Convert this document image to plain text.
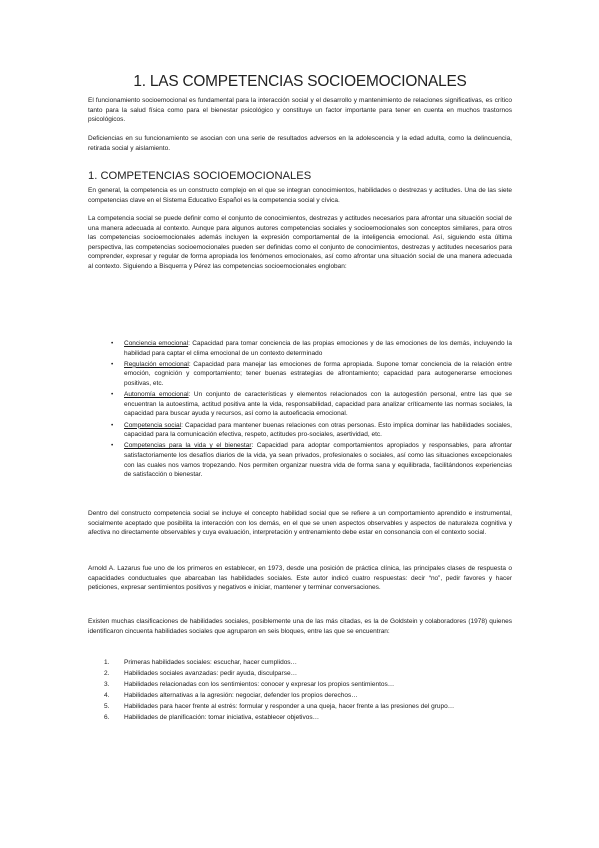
1. LAS COMPETENCIAS SOCIOEMOCIONALES

El funcionamiento socioemocional es fundamental para la interacción social y el desarrollo y mantenimiento de relaciones significativas, es crítico tanto para la salud física como para el bienestar psicológico y constituye un factor importante para tener en cuenta en muchos trastornos psicológicos.

Deficiencias en su funcionamiento se asocian con una serie de resultados adversos en la adolescencia y la edad adulta, como la delincuencia, retirada social y aislamiento.

1. COMPETENCIAS SOCIOEMOCIONALES

En general, la competencia es un constructo complejo en el que se integran conocimientos, habilidades o destrezas y actitudes. Una de las siete competencias clave en el Sistema Educativo Español es la competencia social y cívica.

La competencia social se puede definir como el conjunto de conocimientos, destrezas y actitudes necesarios para afrontar una situación social de una manera adecuada al contexto. Aunque para algunos autores competencias sociales y socioemocionales son conceptos similares, para otros las competencias socioemocionales además incluyen la expresión comportamental de la inteligencia emocional. Así, siguiendo esta última perspectiva, las competencias socioemocionales pueden ser definidas como el conjunto de conocimientos, destrezas y actitudes necesarios para comprender, expresar y regular de forma apropiada los fenómenos emocionales, así como afrontar una situación social de una manera adecuada al contexto. Siguiendo a Bisquerra y Pérez las competencias socioemocionales engloban:

• Conciencia emocional: Capacidad para tomar conciencia de las propias emociones y de las emociones de los demás, incluyendo la habilidad para captar el clima emocional de un contexto determinado
• Regulación emocional: Capacidad para manejar las emociones de forma apropiada. Supone tomar conciencia de la relación entre emoción, cognición y comportamiento; tener buenas estrategias de afrontamiento; capacidad para autogenerarse emociones positivas, etc.
• Autonomía emocional: Un conjunto de características y elementos relacionados con la autogestión personal, entre las que se encuentran la autoestima, actitud positiva ante la vida, responsabilidad, capacidad para analizar críticamente las normas sociales, la capacidad para buscar ayuda y recursos, así como la autoeficacia emocional.
• Competencia social: Capacidad para mantener buenas relaciones con otras personas. Esto implica dominar las habilidades sociales, capacidad para la comunicación efectiva, respeto, actitudes pro-sociales, asertividad, etc.
• Competencias para la vida y el bienestar: Capacidad para adoptar comportamientos apropiados y responsables, para afrontar satisfactoriamente los desafíos diarios de la vida, ya sean privados, profesionales o sociales, así como las situaciones excepcionales con las cuales nos vamos tropezando. Nos permiten organizar nuestra vida de forma sana y equilibrada, facilitándonos experiencias de satisfacción o bienestar.

Dentro del constructo competencia social se incluye el concepto habilidad social que se refiere a un comportamiento aprendido e instrumental, socialmente aceptado que posibilita la interacción con los demás, en el que se unen aspectos observables y aspectos de naturaleza cognitiva y afectiva no directamente observables y cuya evaluación, interpretación y entrenamiento debe estar en consonancia con el contexto social.

Arnold A. Lazarus fue uno de los primeros en establecer, en 1973, desde una posición de práctica clínica, las principales clases de respuesta o capacidades conductuales que abarcaban las habilidades sociales. Este autor indicó cuatro respuestas: decir “no”, pedir favores y hacer peticiones, expresar sentimientos positivos y negativos e iniciar, mantener y terminar conversaciones.

Existen muchas clasificaciones de habilidades sociales, posiblemente una de las más citadas, es la de Goldstein y colaboradores (1978) quienes identificaron cincuenta habilidades sociales que agruparon en seis bloques, entre las que se encuentran:

1. Primeras habilidades sociales: escuchar, hacer cumplidos…
2. Habilidades sociales avanzadas: pedir ayuda, disculparse…
3. Habilidades relacionadas con los sentimientos: conocer y expresar los propios sentimientos…
4. Habilidades alternativas a la agresión: negociar, defender los propios derechos…
5. Habilidades para hacer frente al estrés: formular y responder a una queja, hacer frente a las presiones del grupo…
6. Habilidades de planificación: tomar iniciativa, establecer objetivos…
